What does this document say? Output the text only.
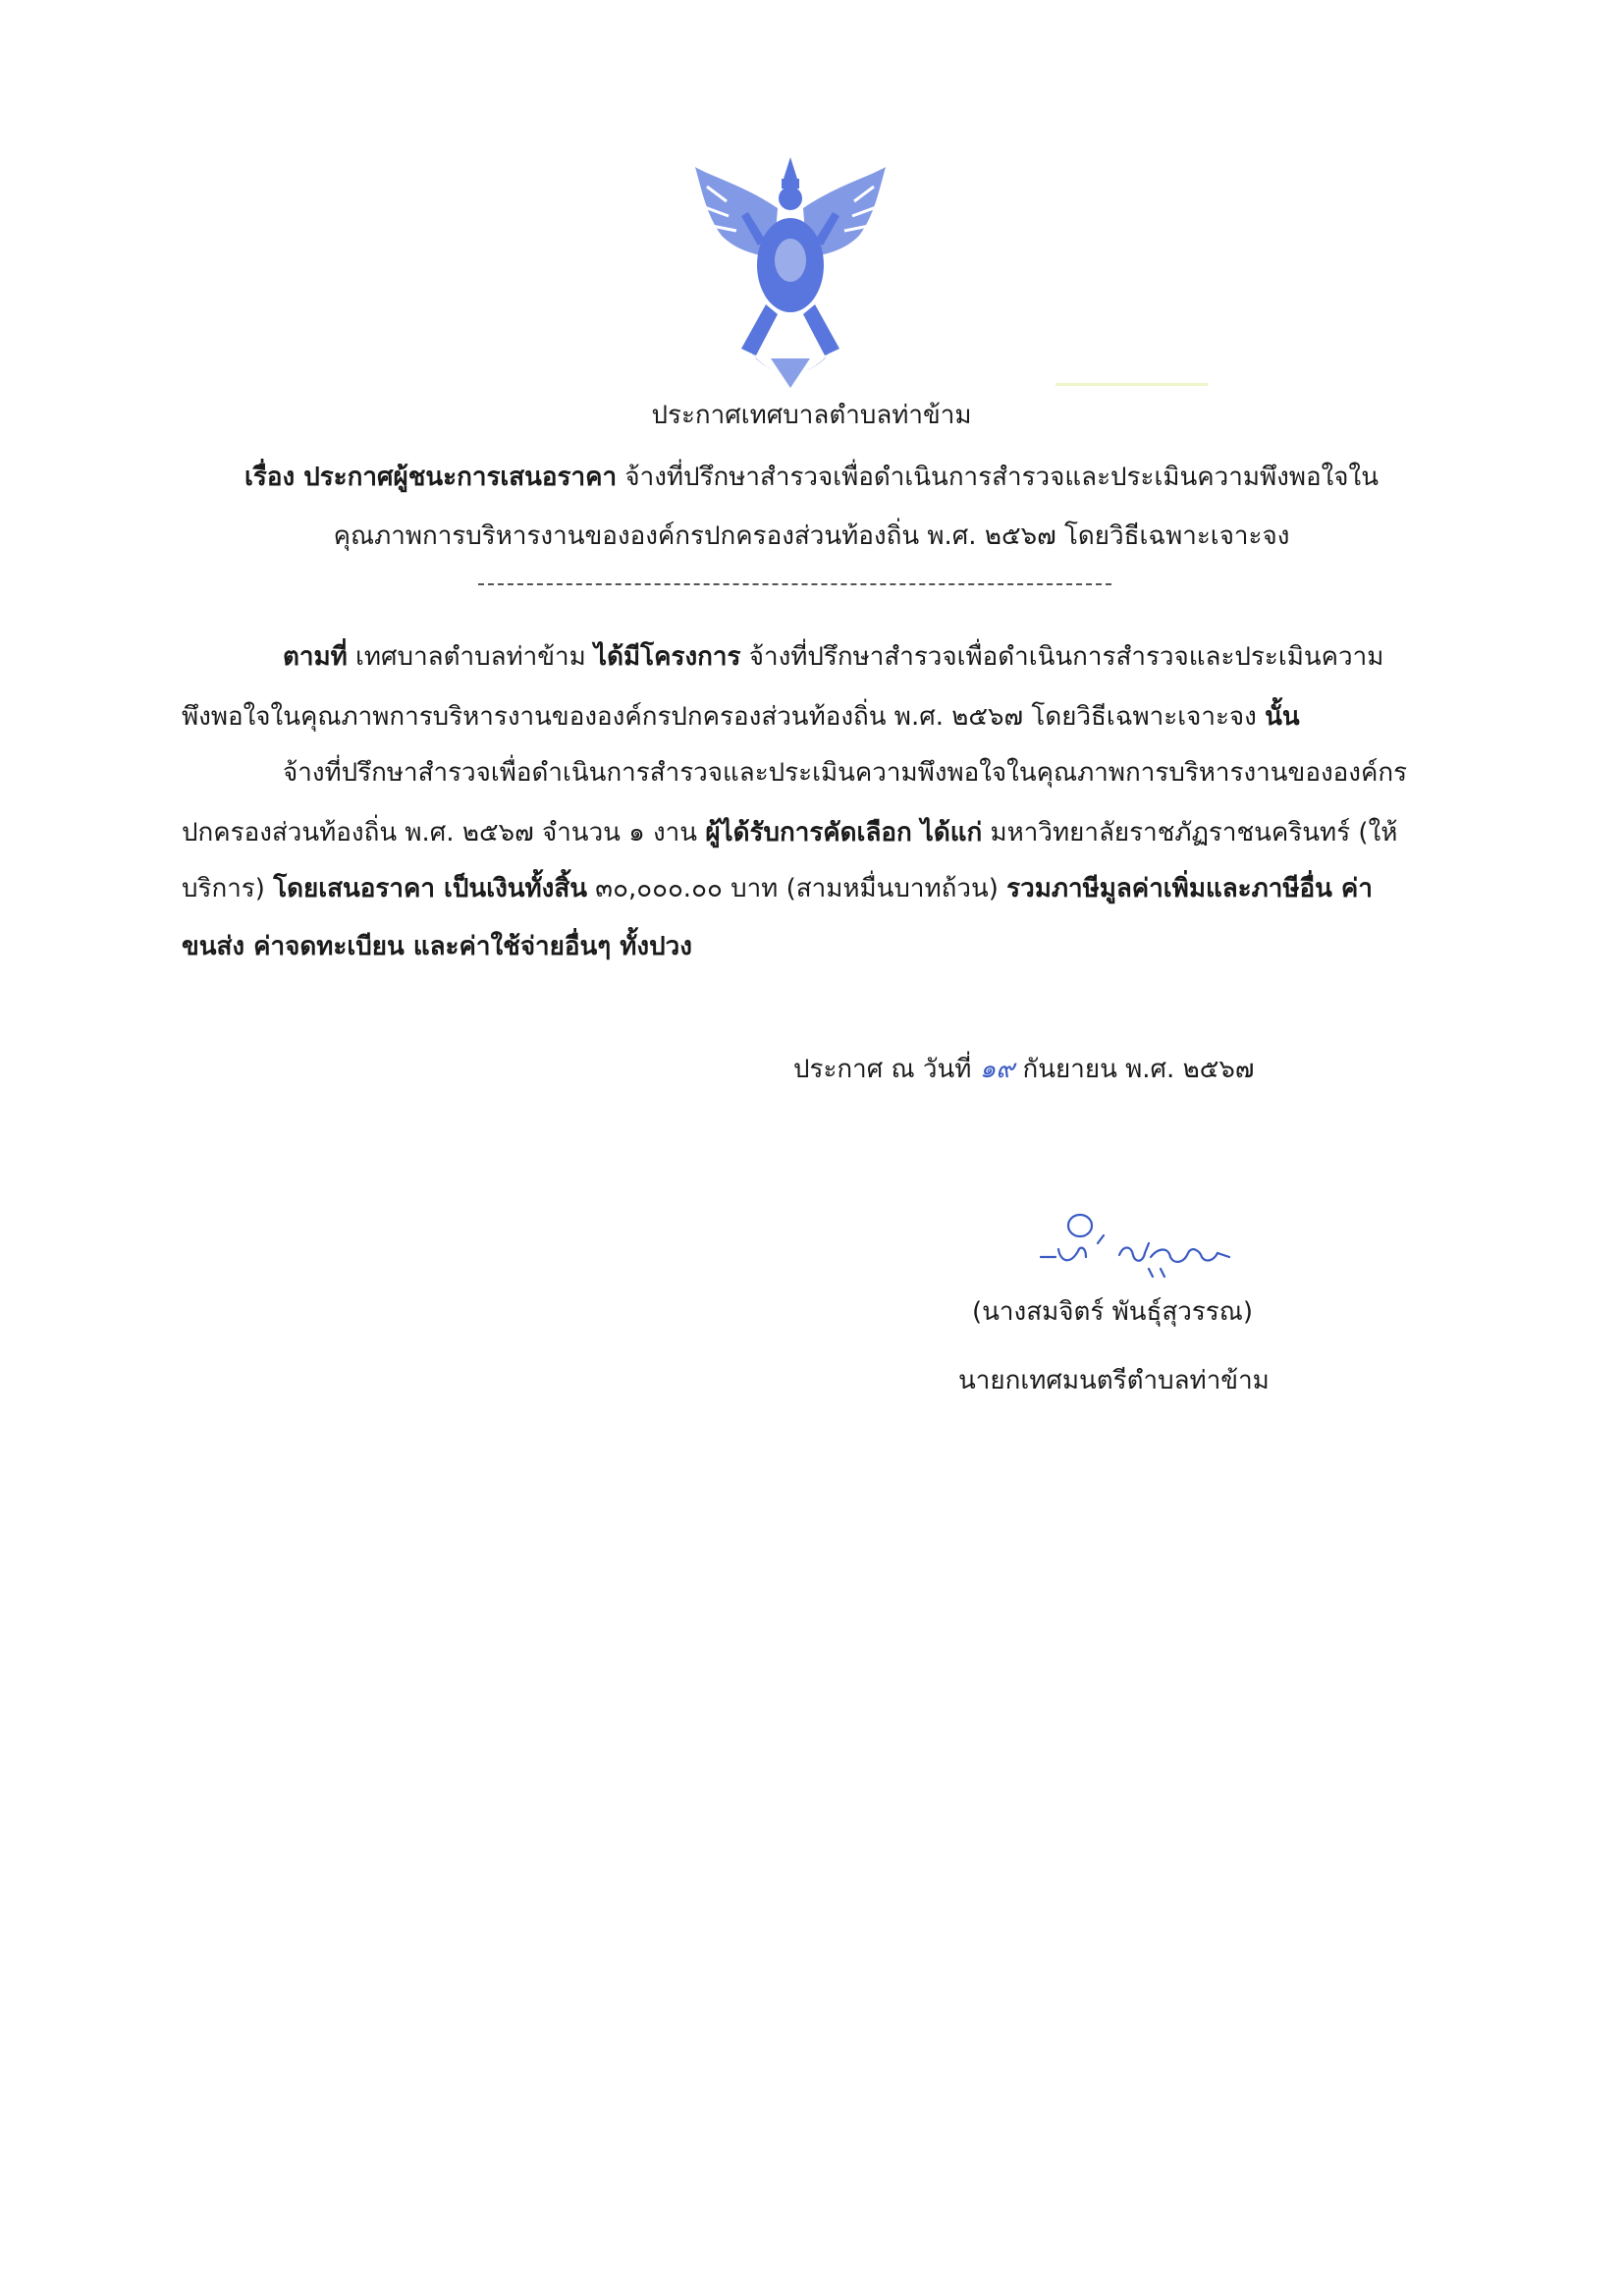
ประกาศเทศบาลตำบลท่าข้าม
เรื่อง ประกาศผู้ชนะการเสนอราคา จ้างที่ปรึกษาสำรวจเพื่อดำเนินการสำรวจและประเมินความพึงพอใจใน
คุณภาพการบริหารงานขององค์กรปกครองส่วนท้องถิ่น พ.ศ. ๒๕๖๗ โดยวิธีเฉพาะเจาะจง
ตามที่ เทศบาลตำบลท่าข้าม ได้มีโครงการ จ้างที่ปรึกษาสำรวจเพื่อดำเนินการสำรวจและประเมินความ
พึงพอใจในคุณภาพการบริหารงานขององค์กรปกครองส่วนท้องถิ่น พ.ศ. ๒๕๖๗ โดยวิธีเฉพาะเจาะจง นั้น
จ้างที่ปรึกษาสำรวจเพื่อดำเนินการสำรวจและประเมินความพึงพอใจในคุณภาพการบริหารงานขององค์กร
ปกครองส่วนท้องถิ่น พ.ศ. ๒๕๖๗ จำนวน ๑ งาน ผู้ได้รับการคัดเลือก ได้แก่ มหาวิทยาลัยราชภัฏราชนครินทร์ (ให้
บริการ) โดยเสนอราคา เป็นเงินทั้งสิ้น ๓๐,๐๐๐.๐๐ บาท (สามหมื่นบาทถ้วน) รวมภาษีมูลค่าเพิ่มและภาษีอื่น ค่า
ขนส่ง ค่าจดทะเบียน และค่าใช้จ่ายอื่นๆ ทั้งปวง
ประกาศ ณ วันที่ ๑๙ กันยายน พ.ศ. ๒๕๖๗
(นางสมจิตร์ พันธุ์สุวรรณ)
นายกเทศมนตรีตำบลท่าข้าม
